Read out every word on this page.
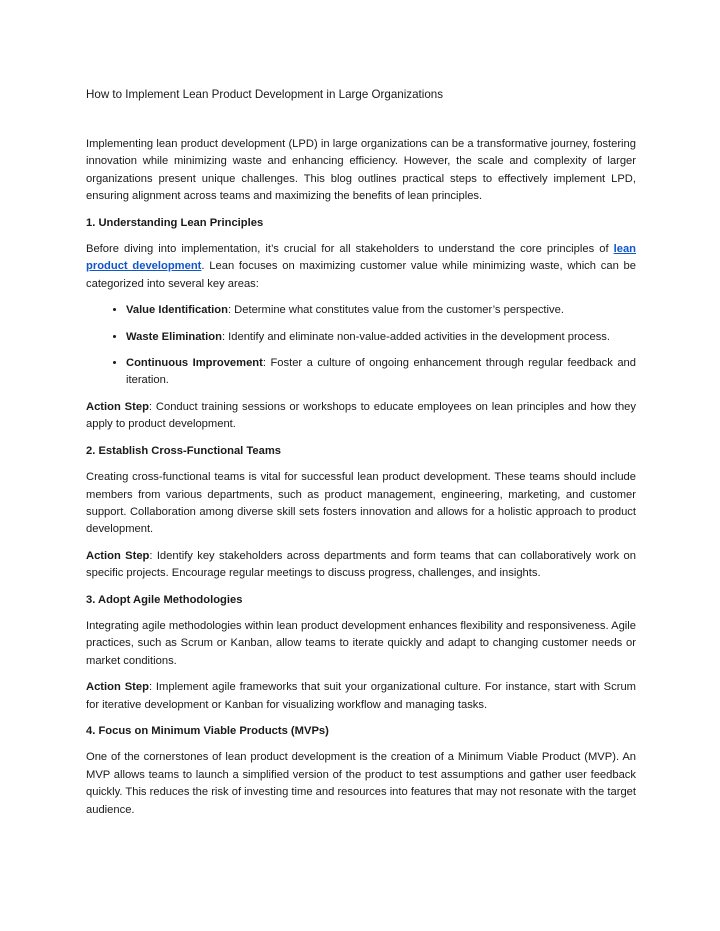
How to Implement Lean Product Development in Large Organizations

Implementing lean product development (LPD) in large organizations can be a transformative journey, fostering innovation while minimizing waste and enhancing efficiency. However, the scale and complexity of larger organizations present unique challenges. This blog outlines practical steps to effectively implement LPD, ensuring alignment across teams and maximizing the benefits of lean principles.

1. Understanding Lean Principles

Before diving into implementation, it’s crucial for all stakeholders to understand the core principles of lean product development. Lean focuses on maximizing customer value while minimizing waste, which can be categorized into several key areas:

• Value Identification: Determine what constitutes value from the customer’s perspective.
• Waste Elimination: Identify and eliminate non-value-added activities in the development process.
• Continuous Improvement: Foster a culture of ongoing enhancement through regular feedback and iteration.

Action Step: Conduct training sessions or workshops to educate employees on lean principles and how they apply to product development.

2. Establish Cross-Functional Teams

Creating cross-functional teams is vital for successful lean product development. These teams should include members from various departments, such as product management, engineering, marketing, and customer support. Collaboration among diverse skill sets fosters innovation and allows for a holistic approach to product development.

Action Step: Identify key stakeholders across departments and form teams that can collaboratively work on specific projects. Encourage regular meetings to discuss progress, challenges, and insights.

3. Adopt Agile Methodologies

Integrating agile methodologies within lean product development enhances flexibility and responsiveness. Agile practices, such as Scrum or Kanban, allow teams to iterate quickly and adapt to changing customer needs or market conditions.

Action Step: Implement agile frameworks that suit your organizational culture. For instance, start with Scrum for iterative development or Kanban for visualizing workflow and managing tasks.

4. Focus on Minimum Viable Products (MVPs)

One of the cornerstones of lean product development is the creation of a Minimum Viable Product (MVP). An MVP allows teams to launch a simplified version of the product to test assumptions and gather user feedback quickly. This reduces the risk of investing time and resources into features that may not resonate with the target audience.
